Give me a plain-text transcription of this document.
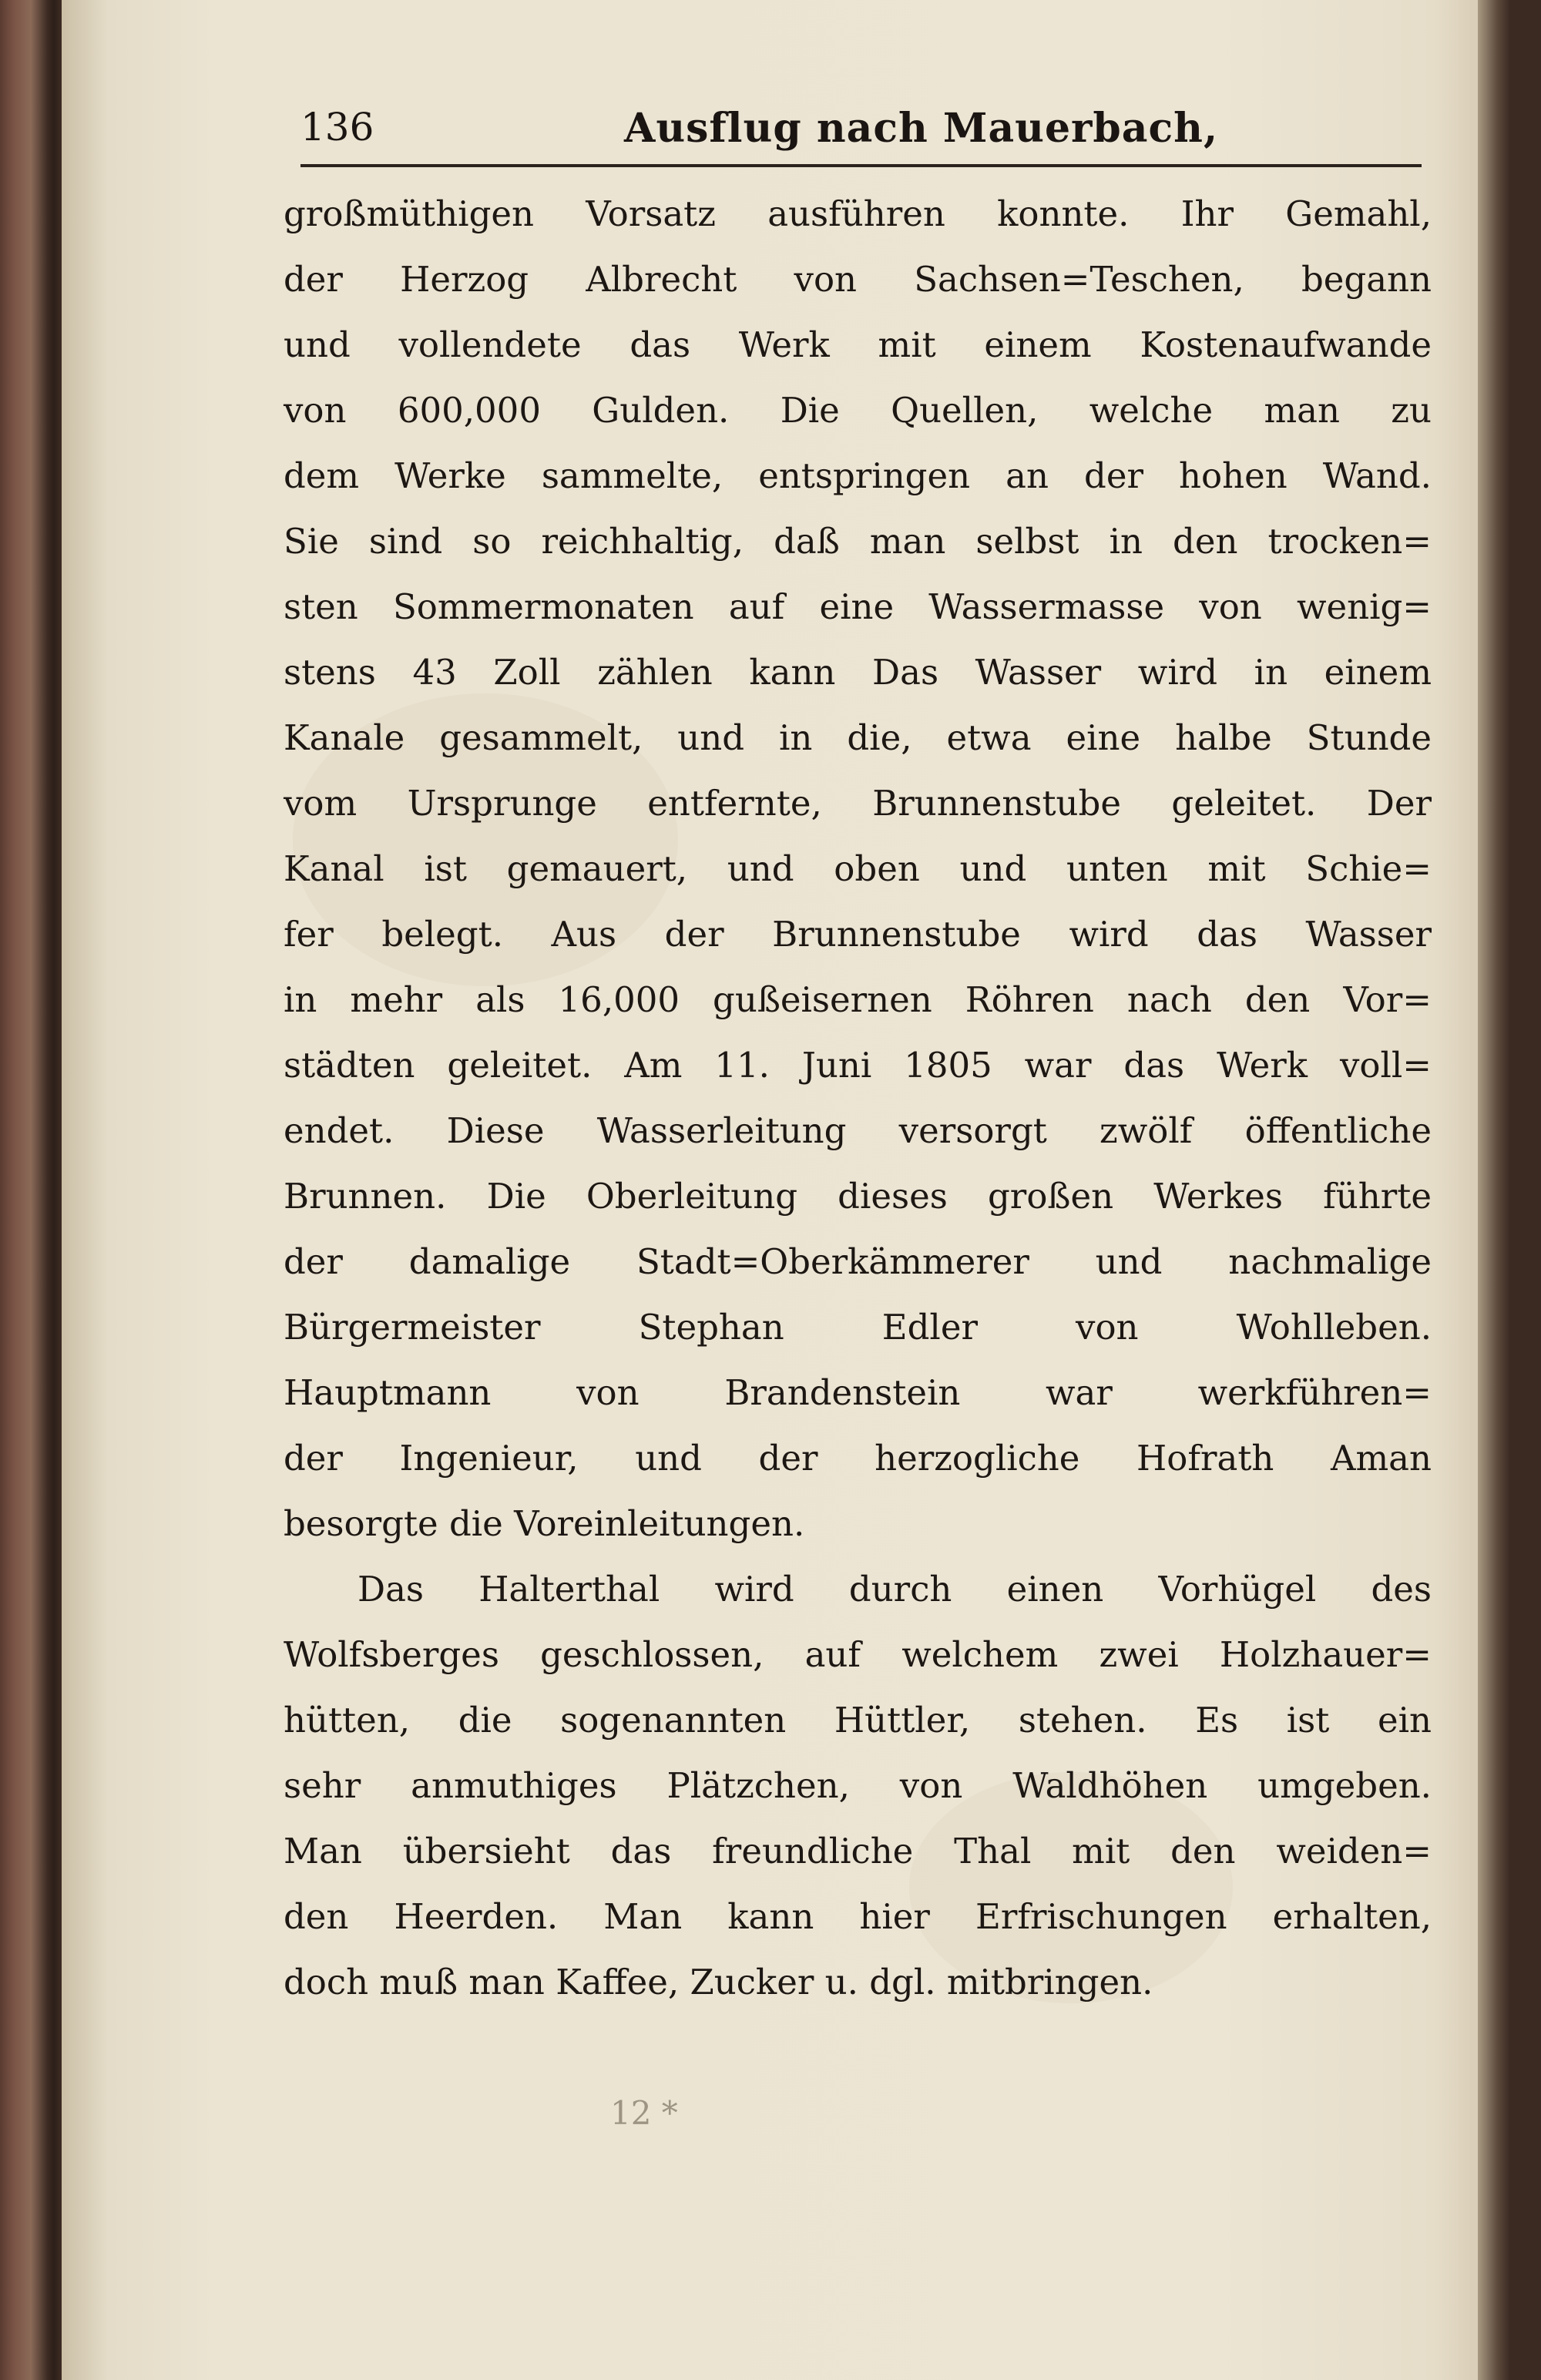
136	Ausflug nach Mauerbach,
großmüthigen Vorsatz ausführen konnte. Ihr Gemahl,
der Herzog Albrecht von Sachsen=Teschen, begann
und vollendete das Werk mit einem Kostenaufwande
von 600,000 Gulden. Die Quellen, welche man zu
dem Werke sammelte, entspringen an der hohen Wand.
Sie sind so reichhaltig, daß man selbst in den trocken=
sten Sommermonaten auf eine Wassermasse von wenig=
stens 43 Zoll zählen kann Das Wasser wird in einem
Kanale gesammelt, und in die, etwa eine halbe Stunde
vom Ursprunge entfernte, Brunnenstube geleitet. Der
Kanal ist gemauert, und oben und unten mit Schie=
fer belegt. Aus der Brunnenstube wird das Wasser
in mehr als 16,000 gußeisernen Röhren nach den Vor=
städten geleitet. Am 11. Juni 1805 war das Werk voll=
endet. Diese Wasserleitung versorgt zwölf öffentliche
Brunnen. Die Oberleitung dieses großen Werkes führte
der damalige Stadt=Oberkämmerer und nachmalige
Bürgermeister Stephan Edler von Wohlleben.
Hauptmann von Brandenstein war werkführen=
der Ingenieur, und der herzogliche Hofrath Aman
besorgte die Voreinleitungen.
Das Halterthal wird durch einen Vorhügel des
Wolfsberges geschlossen, auf welchem zwei Holzhauer=
hütten, die sogenannten Hüttler, stehen. Es ist ein
sehr anmuthiges Plätzchen, von Waldhöhen umgeben.
Man übersieht das freundliche Thal mit den weiden=
den Heerden. Man kann hier Erfrischungen erhalten,
doch muß man Kaffee, Zucker u. dgl. mitbringen.
12 *
